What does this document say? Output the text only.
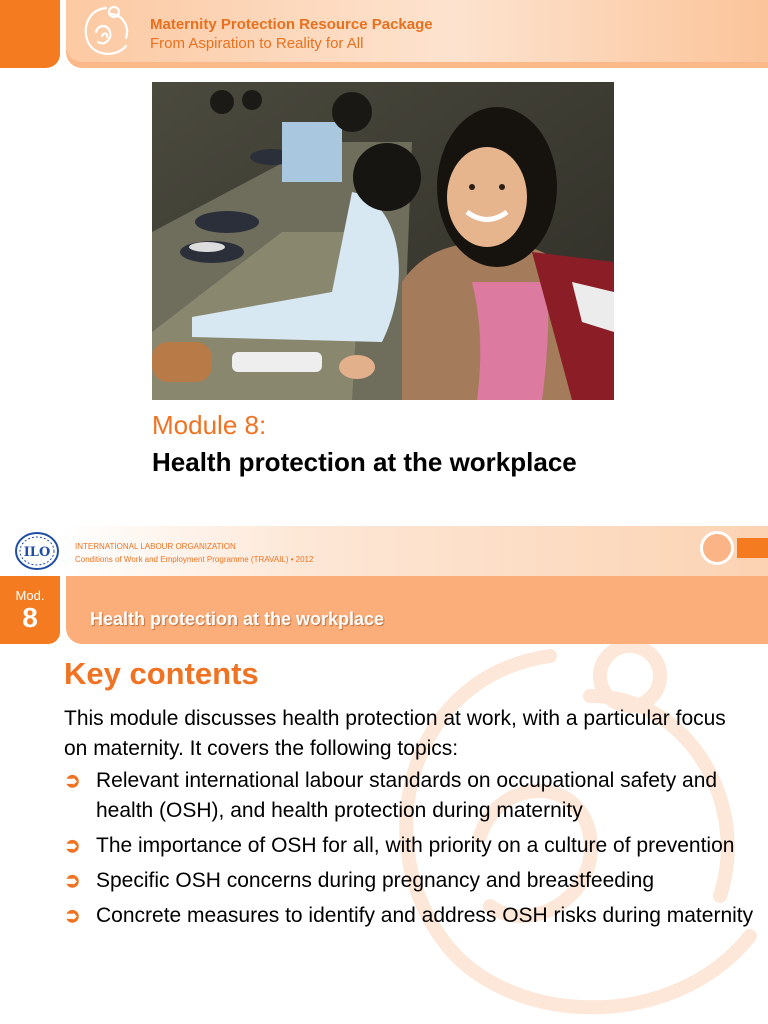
Maternity Protection Resource Package
From Aspiration to Reality for All
Module 8:
Health protection at the workplace
ILO	INTERNATIONAL LABOUR ORGANIZATION
Conditions of Work and Employment Programme (TRAVAIL) • 2012
Mod.
8	Health protection at the workplace
Key contents
This module discusses health protection at work, with a particular focus on maternity. It covers the following topics:
➲ Relevant international labour standards on occupational safety and health (OSH), and health protection during maternity
➲ The importance of OSH for all, with priority on a culture of prevention
➲ Specific OSH concerns during pregnancy and breastfeeding
➲ Concrete measures to identify and address OSH risks during maternity
